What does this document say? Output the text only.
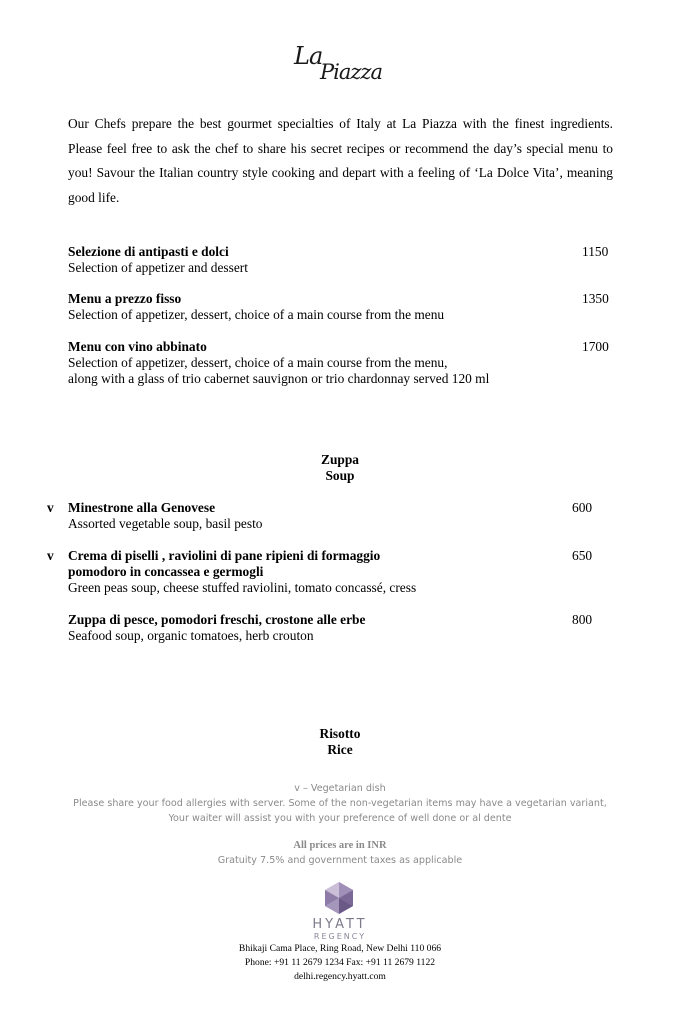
La
Piazza
Our Chefs prepare the best gourmet specialties of Italy at La Piazza with the finest ingredients. Please feel free to ask the chef to share his secret recipes or recommend the day’s special menu to you! Savour the Italian country style cooking and depart with a feeling of ‘La Dolce Vita’, meaning good life.
Selezione di antipasti e dolci
Selection of appetizer and dessert
1150
Menu a prezzo fisso
Selection of appetizer, dessert, choice of a main course from the menu
1350
Menu con vino abbinato
Selection of appetizer, dessert, choice of a main course from the menu,
along with a glass of trio cabernet sauvignon or trio chardonnay served 120 ml
1700
Zuppa
Soup
v Minestrone alla Genovese
Assorted vegetable soup, basil pesto
600
v Crema di piselli , raviolini di pane ripieni di formaggio
pomodoro in concassea e germogli
Green peas soup, cheese stuffed raviolini, tomato concassé, cress
650
Zuppa di pesce, pomodori freschi, crostone alle erbe
Seafood soup, organic tomatoes, herb crouton
800
Risotto
Rice
v – Vegetarian dish
Please share your food allergies with server. Some of the non-vegetarian items may have a vegetarian variant,
Your waiter will assist you with your preference of well done or al dente
All prices are in INR
Gratuity 7.5% and government taxes as applicable
HYATT
REGENCY
Bhikaji Cama Place, Ring Road, New Delhi 110 066
Phone: +91 11 2679 1234 Fax: +91 11 2679 1122
delhi.regency.hyatt.com
